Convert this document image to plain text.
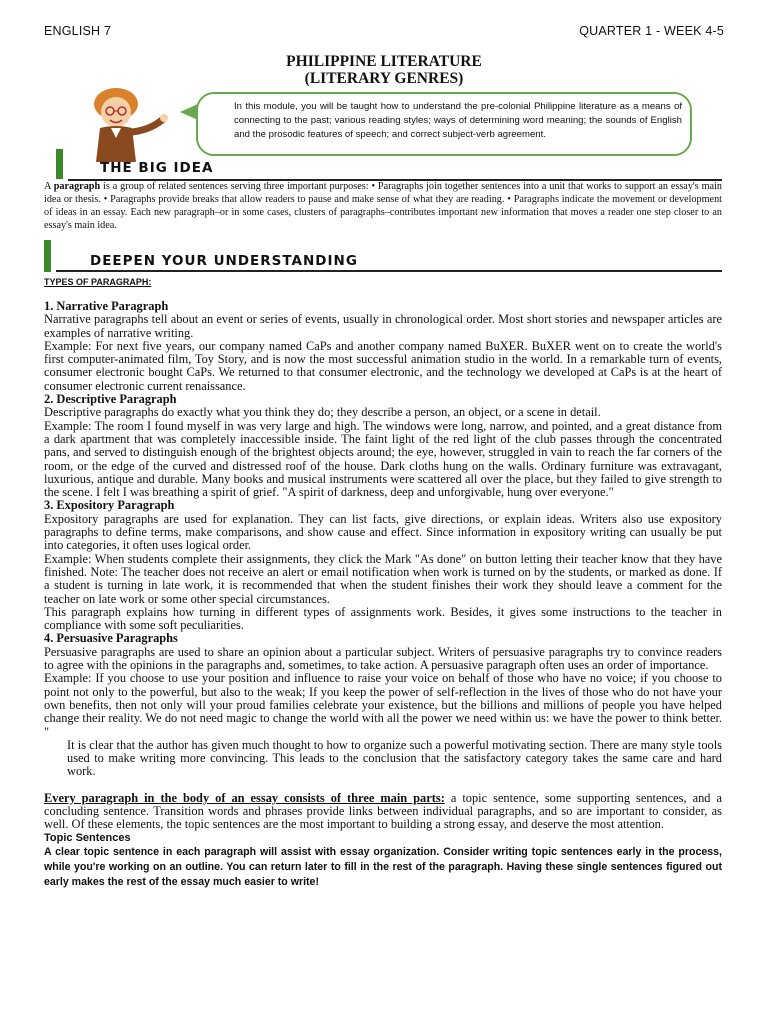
ENGLISH 7	QUARTER 1 - WEEK 4-5
PHILIPPINE LITERATURE
(LITERARY GENRES)
In this module, you will be taught how to understand the pre-colonial Philippine literature as a means of connecting to the past; various reading styles; ways of determining word meaning; the sounds of English and the prosodic features of speech; and correct subject-verb agreement.
THE BIG IDEA
A paragraph is a group of related sentences serving three important purposes: • Paragraphs join together sentences into a unit that works to support an essay's main idea or thesis. • Paragraphs provide breaks that allow readers to pause and make sense of what they are reading. • Paragraphs indicate the movement or development of ideas in an essay. Each new paragraph–or in some cases, clusters of paragraphs–contributes important new information that moves a reader one step closer to an essay's main idea.
DEEPEN YOUR UNDERSTANDING
TYPES OF PARAGRAPH:
1. Narrative Paragraph
Narrative paragraphs tell about an event or series of events, usually in chronological order. Most short stories and newspaper articles are examples of narrative writing.
Example: For next five years, our company named CaPs and another company named BuXER. BuXER went on to create the world's first computer-animated film, Toy Story, and is now the most successful animation studio in the world. In a remarkable turn of events, consumer electronic bought CaPs. We returned to that consumer electronic, and the technology we developed at CaPs is at the heart of consumer electronic current renaissance.
2. Descriptive Paragraph
Descriptive paragraphs do exactly what you think they do; they describe a person, an object, or a scene in detail.
Example: The room I found myself in was very large and high. The windows were long, narrow, and pointed, and a great distance from a dark apartment that was completely inaccessible inside. The faint light of the red light of the club passes through the concentrated pans, and served to distinguish enough of the brightest objects around; the eye, however, struggled in vain to reach the far corners of the room, or the edge of the curved and distressed roof of the house. Dark cloths hung on the walls. Ordinary furniture was extravagant, luxurious, antique and durable. Many books and musical instruments were scattered all over the place, but they failed to give strength to the scene. I felt I was breathing a spirit of grief. "A spirit of darkness, deep and unforgivable, hung over everyone."
3. Expository Paragraph
Expository paragraphs are used for explanation. They can list facts, give directions, or explain ideas. Writers also use expository paragraphs to define terms, make comparisons, and show cause and effect. Since information in expository writing can usually be put into categories, it often uses logical order.
Example: When students complete their assignments, they click the Mark "As done" on button letting their teacher know that they have finished. Note: The teacher does not receive an alert or email notification when work is turned on by the students, or marked as done. If a student is turning in late work, it is recommended that when the student finishes their work they should leave a comment for the teacher on late work or some other special circumstances.
This paragraph explains how turning in different types of assignments work. Besides, it gives some instructions to the teacher in compliance with some soft peculiarities.
4. Persuasive Paragraphs
Persuasive paragraphs are used to share an opinion about a particular subject. Writers of persuasive paragraphs try to convince readers to agree with the opinions in the paragraphs and, sometimes, to take action. A persuasive paragraph often uses an order of importance.
Example: If you choose to use your position and influence to raise your voice on behalf of those who have no voice; if you choose to point not only to the powerful, but also to the weak; If you keep the power of self-reflection in the lives of those who do not have your own benefits, then not only will your proud families celebrate your existence, but the billions and millions of people you have helped change their reality. We do not need magic to change the world with all the power we need within us: we have the power to think better. "
It is clear that the author has given much thought to how to organize such a powerful motivating section. There are many style tools used to make writing more convincing. This leads to the conclusion that the satisfactory category takes the same care and hard work.
Every paragraph in the body of an essay consists of three main parts: a topic sentence, some supporting sentences, and a concluding sentence. Transition words and phrases provide links between individual paragraphs, and so are important to consider, as well. Of these elements, the topic sentences are the most important to building a strong essay, and deserve the most attention.
Topic Sentences
A clear topic sentence in each paragraph will assist with essay organization. Consider writing topic sentences early in the process, while you're working on an outline. You can return later to fill in the rest of the paragraph. Having these single sentences figured out early makes the rest of the essay much easier to write!
